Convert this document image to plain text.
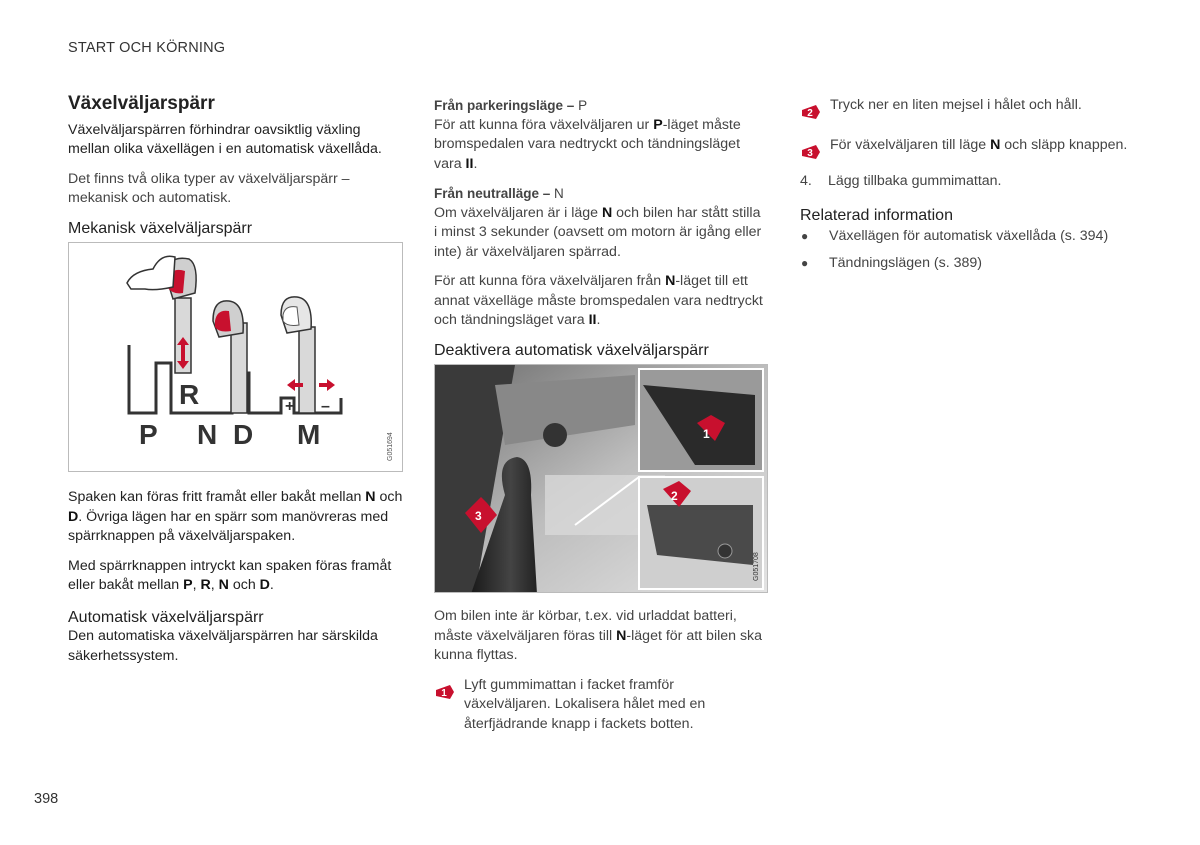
START OCH KÖRNING
Växelväljarspärr

Växelväljarspärren förhindrar oavsiktlig växling mellan olika växellägen i en automatisk växellåda.

Det finns två olika typer av växelväljarspärr – mekanisk och automatisk.

Mekanisk växelväljarspärr
R	+ –
P N D M	G051694

Spaken kan föras fritt framåt eller bakåt mellan N och D. Övriga lägen har en spärr som manövreras med spärrknappen på växelväljarspaken.

Med spärrknappen intryckt kan spaken föras framåt eller bakåt mellan P, R, N och D.

Automatisk växelväljarspärr

Den automatiska växelväljarspärren har särskilda säkerhetssystem.

Från parkeringsläge – P

För att kunna föra växelväljaren ur P-läget måste bromspedalen vara nedtryckt och tändningsläget vara II.

Från neutralläge – N

Om växelväljaren är i läge N och bilen har stått stilla i minst 3 sekunder (oavsett om motorn är igång eller inte) är växelväljaren spärrad.

För att kunna föra växelväljaren från N-läget till ett annat växelläge måste bromspedalen vara nedtryckt och tändningsläget vara II.

Deaktivera automatisk växelväljarspärr
1
2
3
G051708

Om bilen inte är körbar, t.ex. vid urladdat batteri, måste växelväljaren föras till N-läget för att bilen ska kunna flyttas.

1
Lyft gummimattan i facket framför växelväljaren. Lokalisera hålet med en återfjädrande knapp i fackets botten.
2
Tryck ner en liten mejsel i hålet och håll.
3
För växelväljaren till läge N och släpp knappen.
4.	Lägg tillbaka gummimattan.
Relaterad information
●	Växellägen för automatisk växellåda (s. 394)
●	Tändningslägen (s. 389)
398
